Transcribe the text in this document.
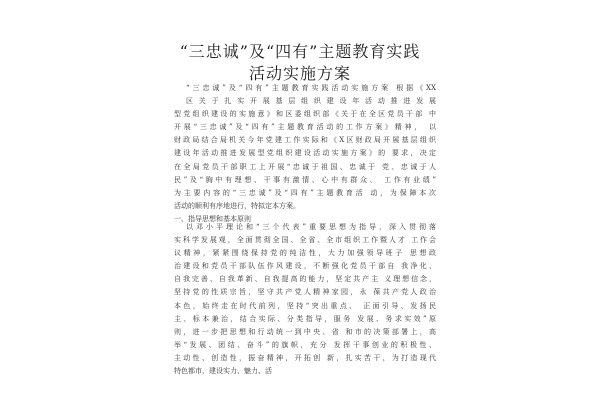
“三忠诚”及“四有”主题教育实践
活动实施方案
“三忠诚”及“四有”主题教育实践活动实施方案 根据《XX
区关于扎实开展基层组织建设年活动推进发展
型党组织建设的实施意》和区委组织部《关于在全区党员干部 中
开展“三忠诚”及“四有”主题教育活动的工作方案》精神， 以
财政局结合局机关今年党建工作实际和《X区财政局开展基层组织
建设年活动推进发展型党组织建设活动实施方案》的 要求，决定
在全局党员干部职工上开展“忠诚于祖国、忠诚于 党、忠诚于人
民”及“胸中有理想、干事有激情、心中有群众、 工作有业绩”
为主要内容的“三忠诚”及“四有”主题教育活 动，为保障本次
活动的顺利有序地进行，特拟定本方案。
一、指导思想和基本原则
以邓小平理论和“三个代表”重要思想为指导，深入贯彻落
实科学发展观，全面贯彻全国、全省、全市组织工作暨人才 工作会
议精神，紧紧围绕保持党的纯洁性，大力加强领导班子 思想政
治建设和党员干部队伍作风建设，不断强化党员干部自 我净化、
自我完善、自我革新、自我提高的能力，坚定共产主 义理想信念，
坚持党的性质宗旨，坚守共产党人精神家园，永 葆共产党人政治
本色，始终走在时代前列，坚持“突出重点、 正面引导、发扬民
主、标本兼治，结合实际、分类指导，服务 发展、务求实效”原
则，进一步把思想和行动统一到中央、省 和市的决策部署上，高
举“发展、团结、奋斗”的旗帜，充分 发挥干事创业的积极性、
主动性、创造性，振奋精神，开拓创 新，扎实苦干，为打造现代
特色都市，建设实力、魅力、活
